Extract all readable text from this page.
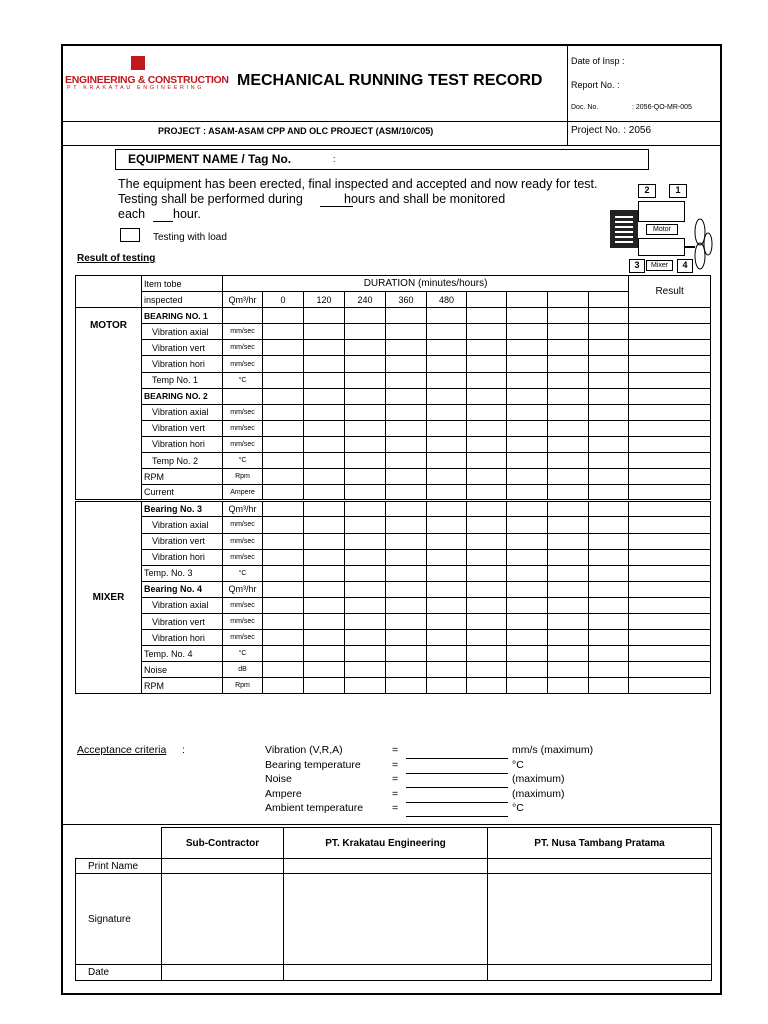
ENGINEERING & CONSTRUCTION
PT KRAKATAU ENGINEERING MECHANICAL RUNNING TEST RECORD
Date of Insp :
Report No. :
Doc. No.	: 2056-QO-MR-005
PROJECT : ASAM-ASAM CPP AND OLC PROJECT (ASM/10/C05)	Project No. : 2056
EQUIPMENT NAME / Tag No.	:
The equipment has been erected, final inspected and accepted and now ready for test.
Testing shall be performed during	hours and shall be monitored
each hour.
Testing with load
2	1
Motor
3	Mixer	4
Result of testing
	Item tobe	DURATION (minutes/hours)										Result	
	inspected	Qm³/hr	0	120	240	360	480						
MOTOR	BEARING NO. 1												
	Vibration axial	mm/sec											
	Vibration vert	mm/sec											
	Vibration hori	mm/sec											
	Temp No. 1	°C											
	BEARING NO. 2												
	Vibration axial	mm/sec											
	Vibration vert	mm/sec											
	Vibration hori	mm/sec											
	Temp No. 2	°C											
	RPM	Rpm											
	Current	Ampere											
MIXER	Bearing No. 3	Qm³/hr											
	Vibration axial	mm/sec											
	Vibration vert	mm/sec											
	Vibration hori	mm/sec											
	Temp. No. 3	°C											
	Bearing No. 4	Qm³/hr											
	Vibration axial	mm/sec											
	Vibration vert	mm/sec											
	Vibration hori	mm/sec											
	Temp. No. 4	°C											
	Noise	dB											
	RPM	Rpm											
Acceptance criteria :	Vibration (V,R,A)	=	mm/s (maximum)
Bearing temperature	=	°C
Noise	=	(maximum)
Ampere	=	(maximum)
Ambient temperature	=	°C
	Sub-Contractor	PT. Krakatau Engineering	PT. Nusa Tambang Pratama
Print Name			
Signature			
Date			
